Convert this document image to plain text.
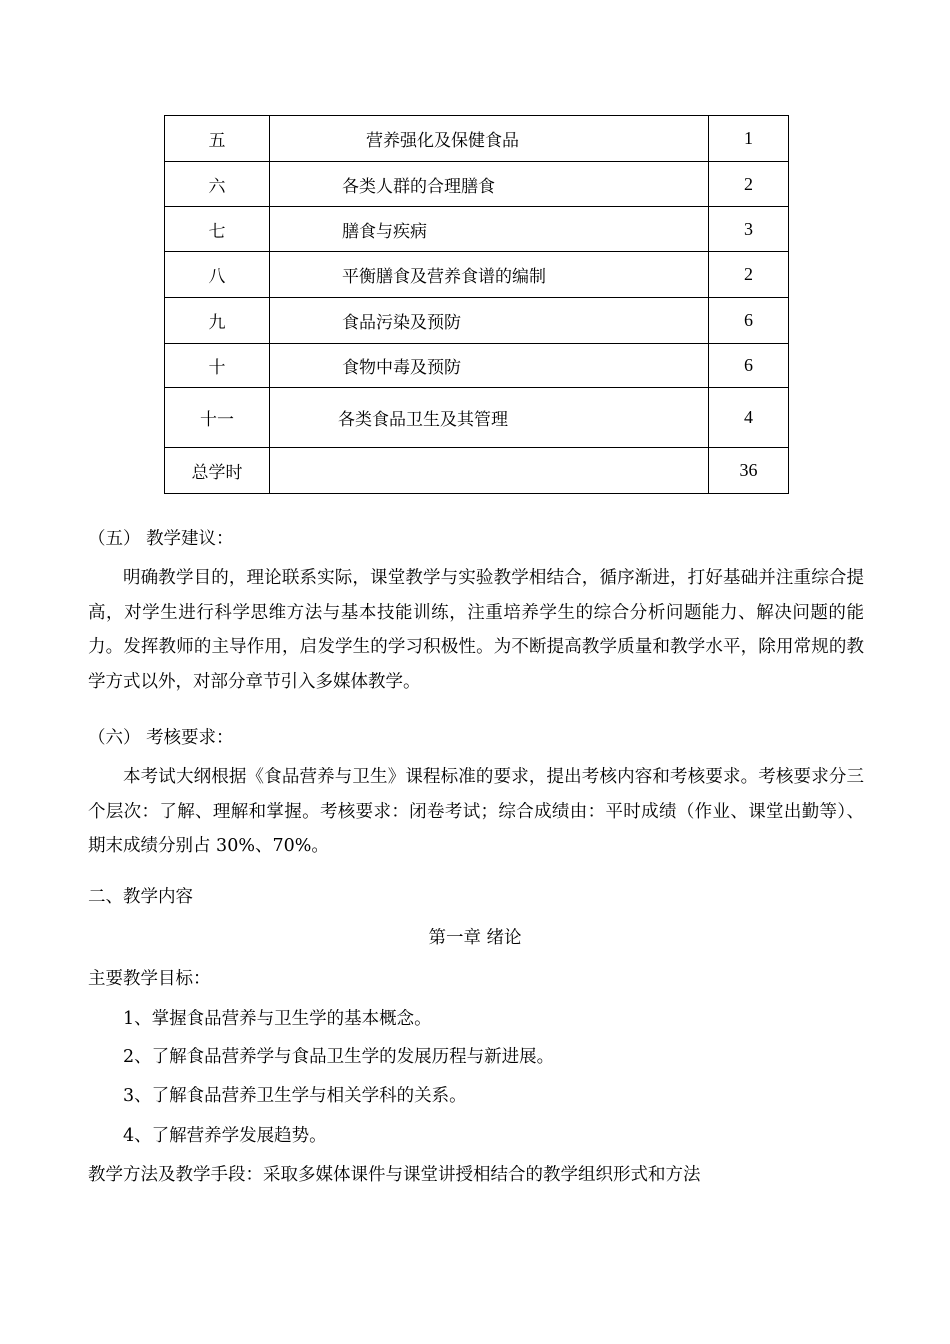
五	营养强化及保健食品	1
六	各类人群的合理膳食	2
七	膳食与疾病	3
八	平衡膳食及营养食谱的编制	2
九	食品污染及预防	6
十	食物中毒及预防	6
十一	各类食品卫生及其管理	4
总学时		36
（五） 教学建议：
明确教学目的，理论联系实际，课堂教学与实验教学相结合，循序渐进，打好基础并注重综合提高，对学生进行科学思维方法与基本技能训练，注重培养学生的综合分析问题能力、解决问题的能力。发挥教师的主导作用，启发学生的学习积极性。为不断提高教学质量和教学水平，除用常规的教学方式以外，对部分章节引入多媒体教学。
（六） 考核要求：
本考试大纲根据《食品营养与卫生》课程标准的要求，提出考核内容和考核要求。考核要求分三个层次：了解、理解和掌握。考核要求：闭卷考试；综合成绩由：平时成绩（作业、课堂出勤等）、期末成绩分别占 30%、70%。
二、教学内容
第一章 绪论
主要教学目标：
1、掌握食品营养与卫生学的基本概念。
2、了解食品营养学与食品卫生学的发展历程与新进展。
3、了解食品营养卫生学与相关学科的关系。
4、了解营养学发展趋势。
教学方法及教学手段：采取多媒体课件与课堂讲授相结合的教学组织形式和方法
